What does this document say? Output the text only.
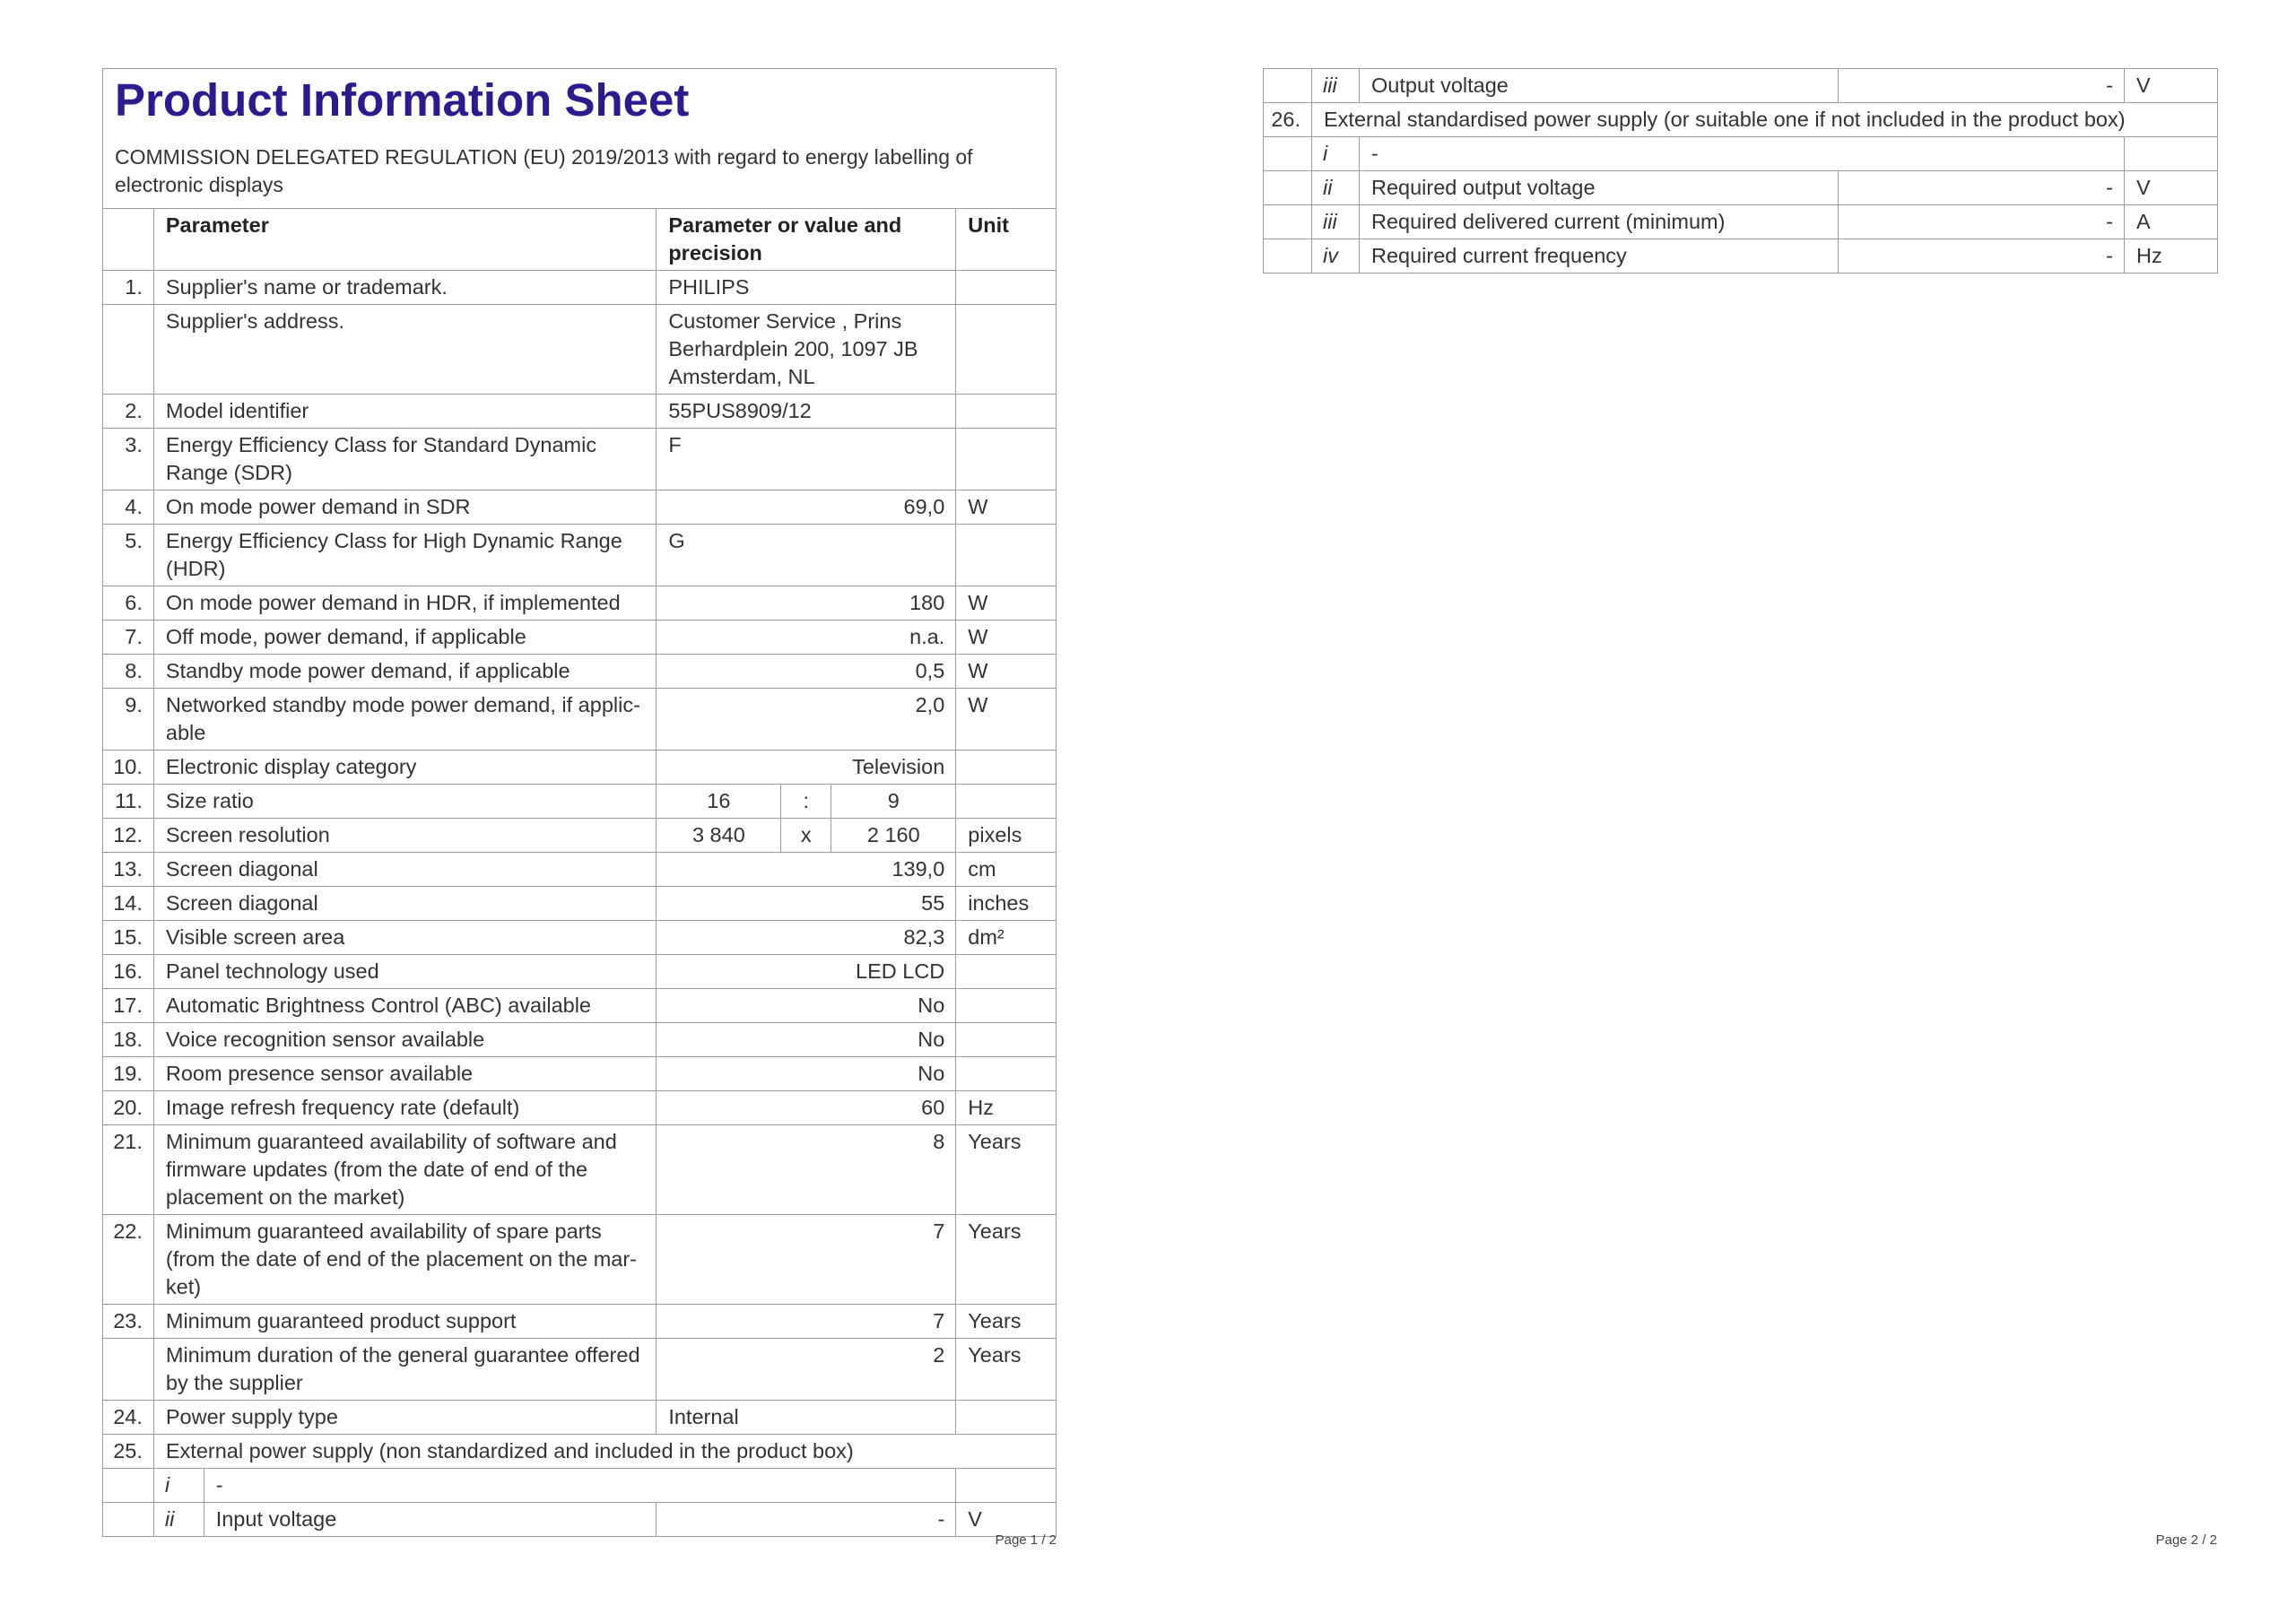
Product Information Sheet
COMMISSION DELEGATED REGULATION (EU) 2019/2013 with regard to energy labelling of electronic displays
	Parameter		Parameter or value and precision			Unit
1.	Supplier's name or trademark.		PHILIPS			
	Supplier's address.		Customer Service , Prins Berhardplein 200, 1097 JB Amsterdam, NL			
2.	Model identifier		55PUS8909/12			
3.	Energy Efficiency Class for Standard Dynamic Range (SDR)		F			
4.	On mode power demand in SDR		69,0			W
5.	Energy Efficiency Class for High Dynamic Range (HDR)		G			
6.	On mode power demand in HDR, if implemented		180			W
7.	Off mode, power demand, if applicable		n.a.			W
8.	Standby mode power demand, if applicable		0,5			W
9.	Networked standby mode power demand, if applic-able		2,0			W
10.	Electronic display category		Television			
11.	Size ratio		16	:	9	
12.	Screen resolution		3 840	x	2 160	pixels
13.	Screen diagonal		139,0			cm
14.	Screen diagonal		55			inches
15.	Visible screen area		82,3			dm²
16.	Panel technology used		LED LCD			
17.	Automatic Brightness Control (ABC) available		No			
18.	Voice recognition sensor available		No			
19.	Room presence sensor available		No			
20.	Image refresh frequency rate (default)		60			Hz
21.	Minimum guaranteed availability of software and firmware updates (from the date of end of the placement on the market)		8			Years
22.	Minimum guaranteed availability of spare parts (from the date of end of the placement on the mar-ket)		7			Years
23.	Minimum guaranteed product support		7			Years
	Minimum duration of the general guarantee offered by the supplier		2			Years
24.	Power supply type		Internal			
25.	External power supply (non standardized and included in the product box)					
	i	-				
	ii	Input voltage	-			V
Page 1 / 2
	iii	Output voltage	-	V
26.	External standardised power supply (or suitable one if not included in the product box)			
	i	-		
	ii	Required output voltage	-	V
	iii	Required delivered current (minimum)	-	A
	iv	Required current frequency	-	Hz
Page 2 / 2
